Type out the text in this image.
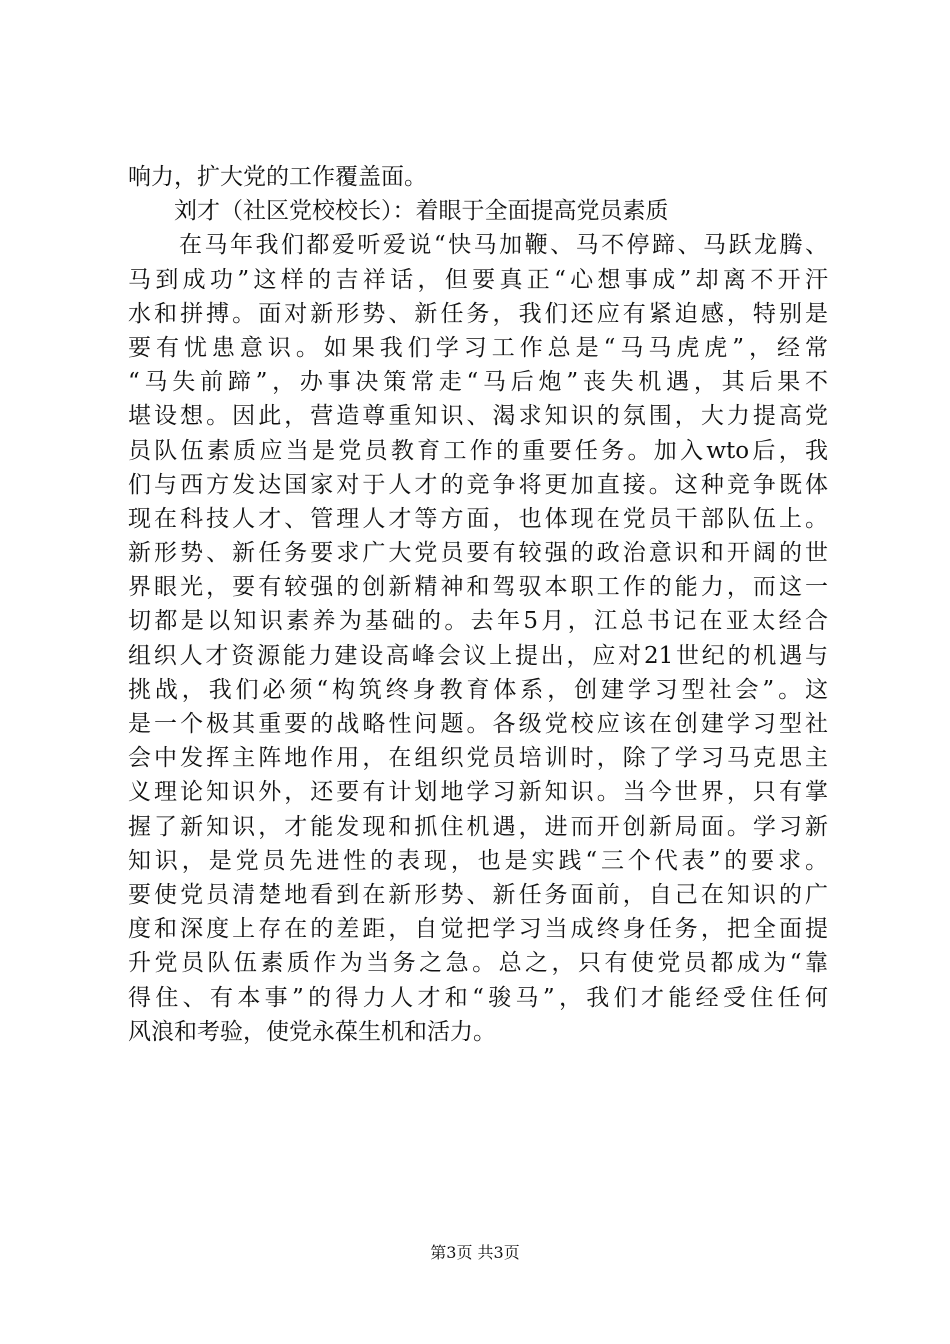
响力，扩大党的工作覆盖面。
　　刘才（社区党校校长）：着眼于全面提高党员素质
　　在马年我们都爱听爱说“快马加鞭、马不停蹄、马跃龙腾、
马到成功”这样的吉祥话，但要真正“心想事成”却离不开汗
水和拼搏。面对新形势、新任务，我们还应有紧迫感，特别是
要有忧患意识。如果我们学习工作总是“马马虎虎”，经常
“马失前蹄”，办事决策常走“马后炮”丧失机遇，其后果不
堪设想。因此，营造尊重知识、渴求知识的氛围，大力提高党
员队伍素质应当是党员教育工作的重要任务。加入wto后，我
们与西方发达国家对于人才的竞争将更加直接。这种竞争既体
现在科技人才、管理人才等方面，也体现在党员干部队伍上。
新形势、新任务要求广大党员要有较强的政治意识和开阔的世
界眼光，要有较强的创新精神和驾驭本职工作的能力，而这一
切都是以知识素养为基础的。去年5月，江总书记在亚太经合
组织人才资源能力建设高峰会议上提出，应对21世纪的机遇与
挑战，我们必须“构筑终身教育体系，创建学习型社会”。这
是一个极其重要的战略性问题。各级党校应该在创建学习型社
会中发挥主阵地作用，在组织党员培训时，除了学习马克思主
义理论知识外，还要有计划地学习新知识。当今世界，只有掌
握了新知识，才能发现和抓住机遇，进而开创新局面。学习新
知识，是党员先进性的表现，也是实践“三个代表”的要求。
要使党员清楚地看到在新形势、新任务面前，自己在知识的广
度和深度上存在的差距，自觉把学习当成终身任务，把全面提
升党员队伍素质作为当务之急。总之，只有使党员都成为“靠
得住、有本事”的得力人才和“骏马”，我们才能经受住任何
风浪和考验，使党永葆生机和活力。
第3页 共3页
